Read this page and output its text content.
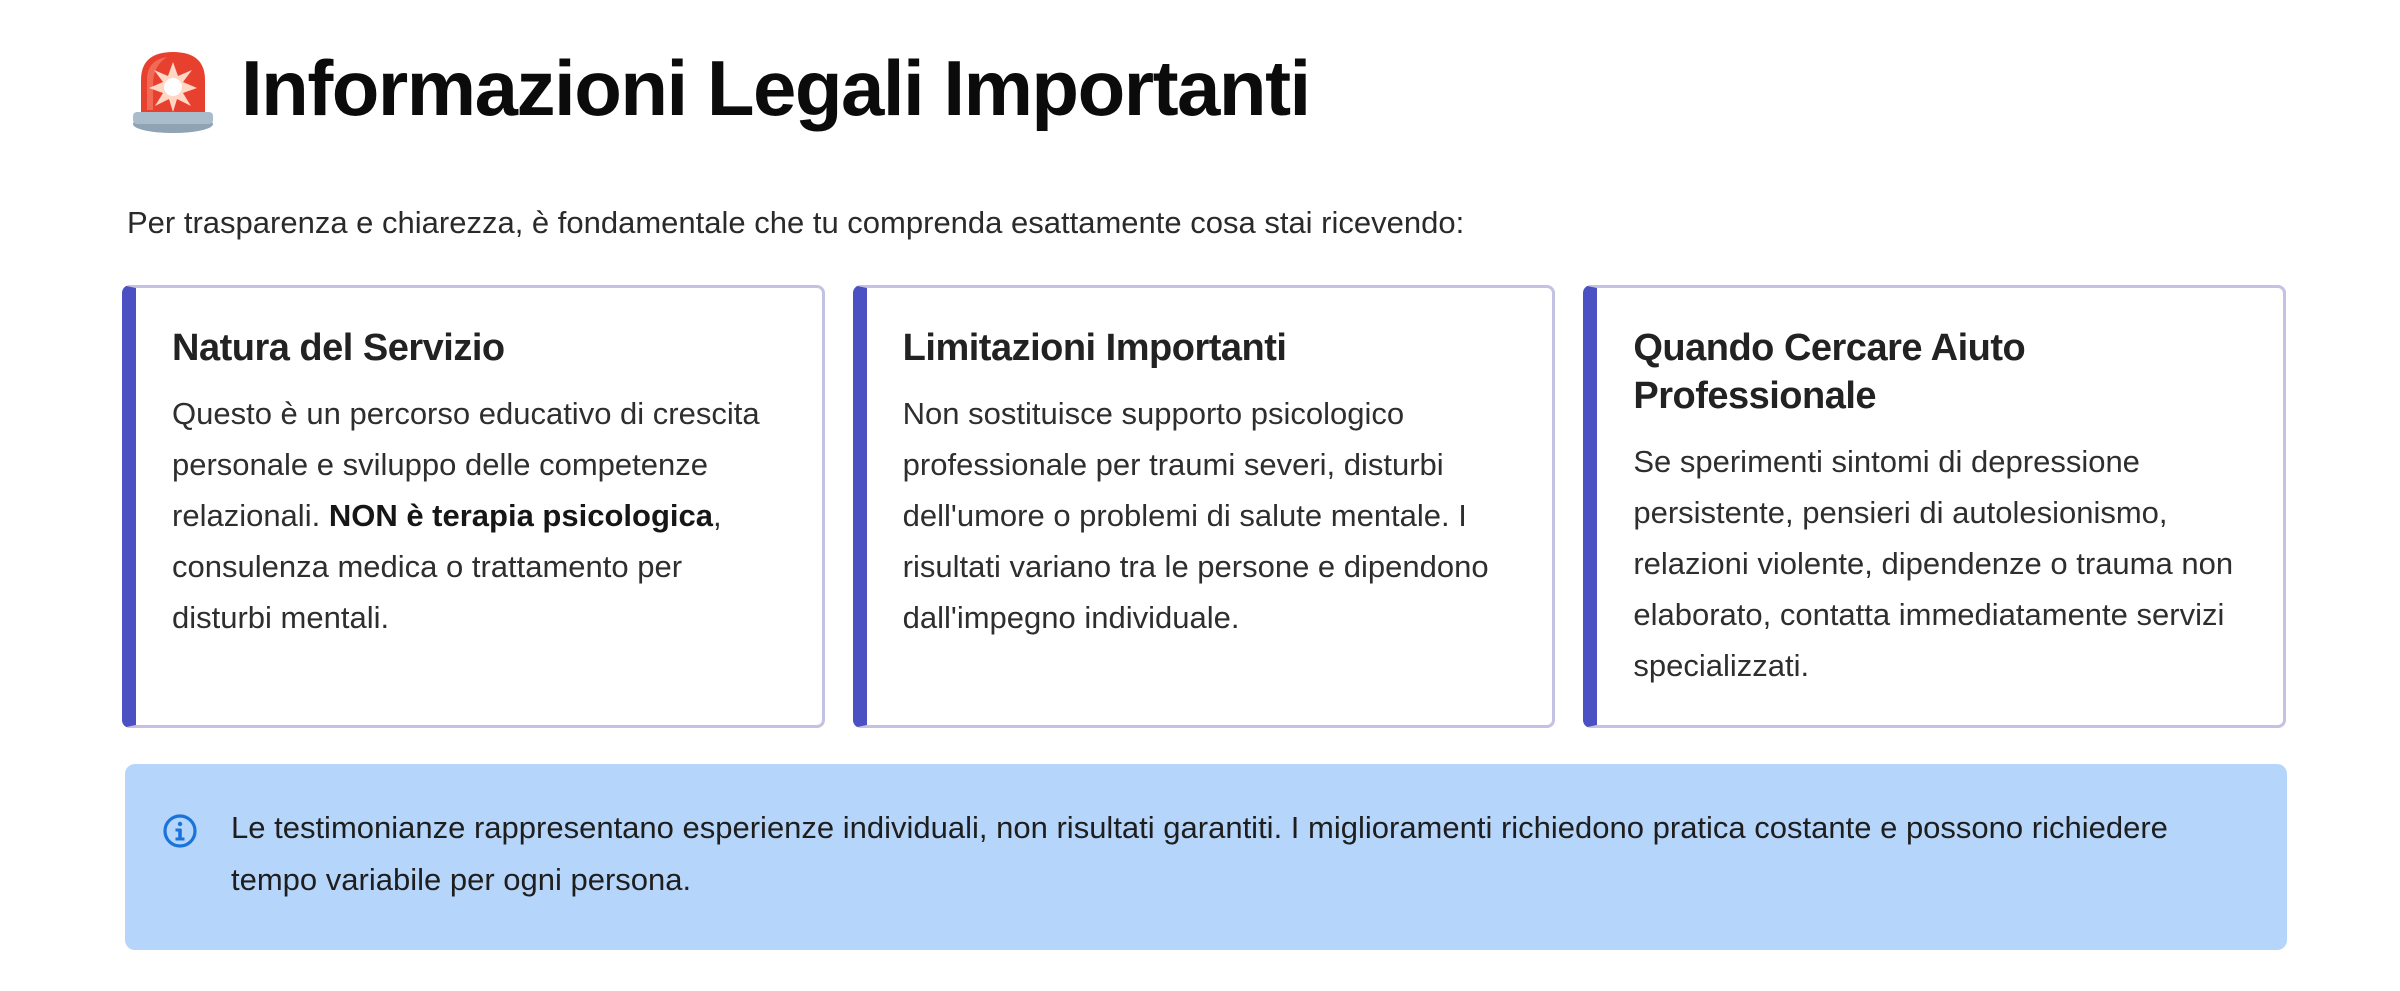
Informazioni Legali Importanti

Per trasparenza e chiarezza, è fondamentale che tu comprenda esattamente cosa stai ricevendo:

Natura del Servizio

Questo è un percorso educativo di crescita personale e sviluppo delle competenze relazionali. NON è terapia psicologica, consulenza medica o trattamento per disturbi mentali.

Limitazioni Importanti

Non sostituisce supporto psicologico professionale per traumi severi, disturbi dell'umore o problemi di salute mentale. I risultati variano tra le persone e dipendono dall'impegno individuale.

Quando Cercare Aiuto Professionale

Se sperimenti sintomi di depressione persistente, pensieri di autolesionismo, relazioni violente, dipendenze o trauma non elaborato, contatta immediatamente servizi specializzati.

Le testimonianze rappresentano esperienze individuali, non risultati garantiti. I miglioramenti richiedono pratica costante e possono richiedere tempo variabile per ogni persona.
